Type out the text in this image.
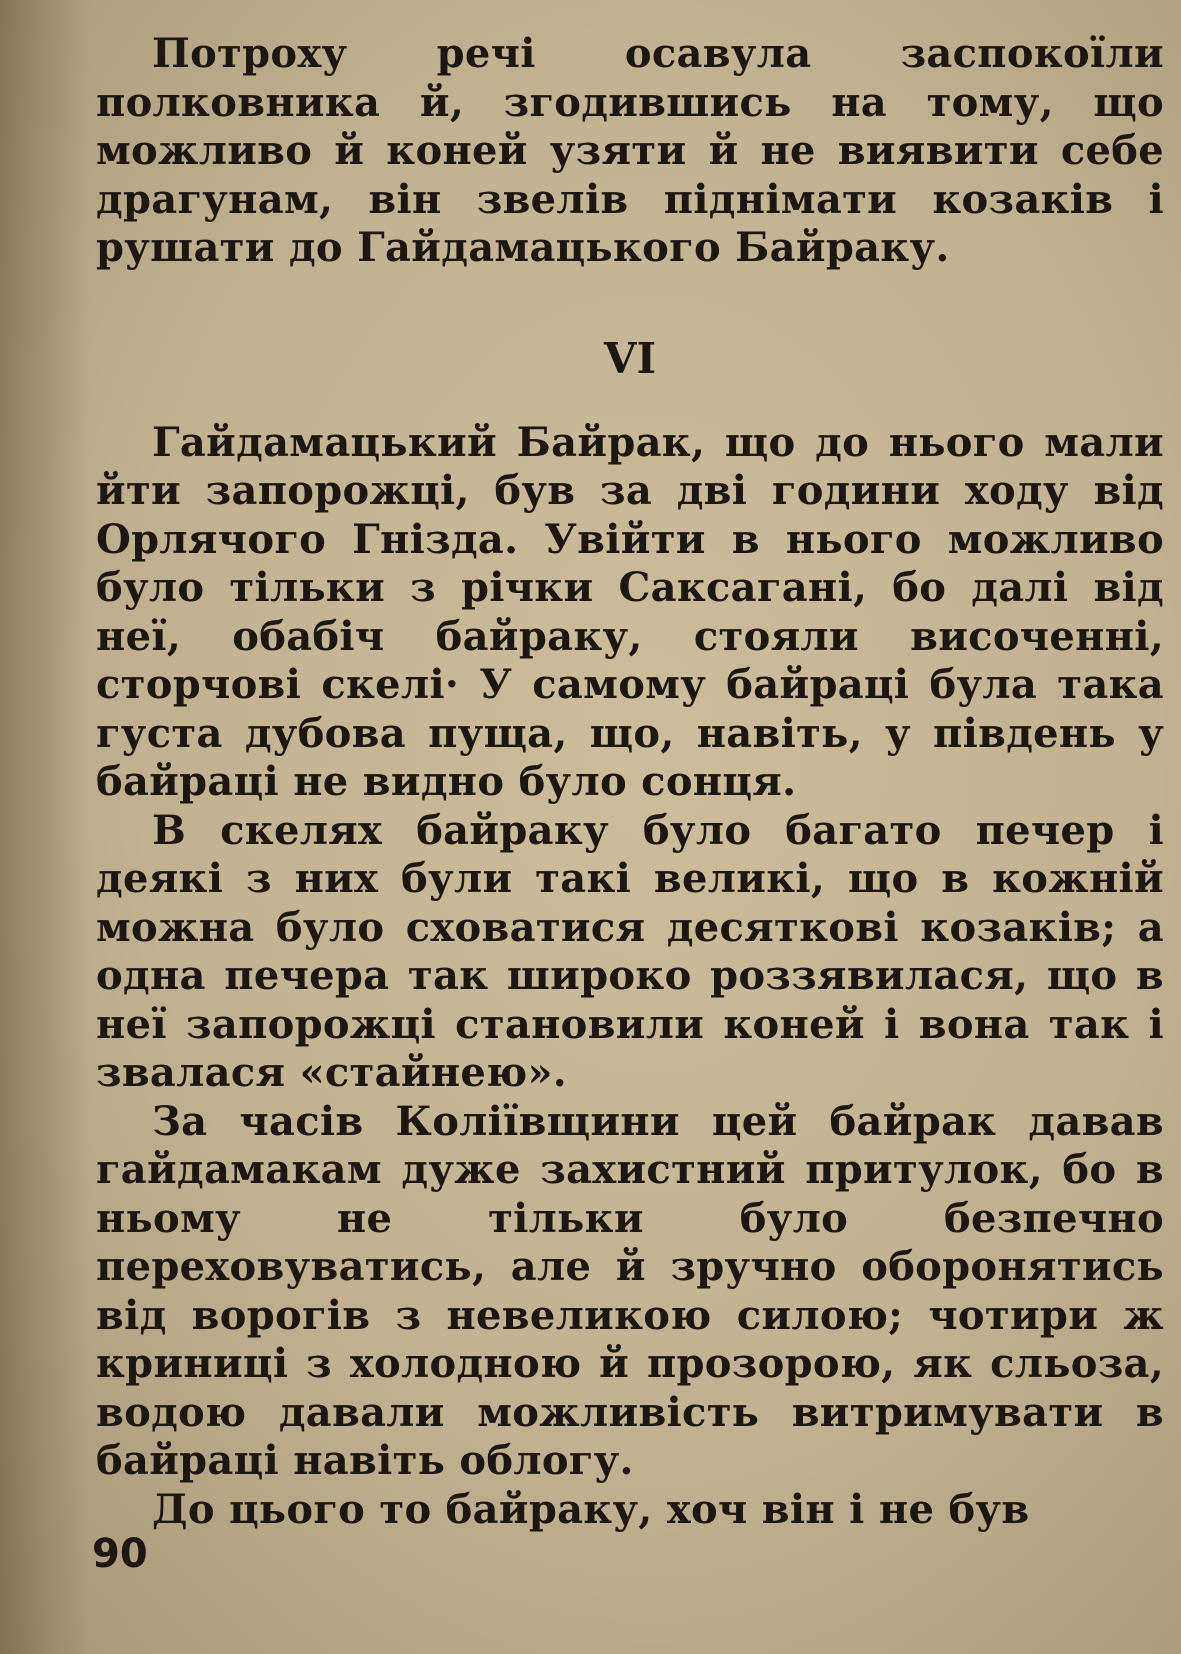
Потроху речі осавула заспокоїли полковника й, згодившись на тому, що можливо й коней узяти й не виявити себе драгунам, він звелів піднімати козаків і рушати до Гайдамацького Байраку.

VI

Гайдамацький Байрак, що до нього мали йти запорожці, був за дві години ходу від Орлячого Гнізда. Увійти в нього можливо було тільки з річки Саксагані, бо далі від неї, обабіч байраку, стояли височенні, сторчові скелі· У самому байраці була така густа дубова пуща, що, навіть, у південь у байраці не видно було сонця.

В скелях байраку було багато печер і деякі з них були такі великі, що в кожній можна було сховатися десяткові козаків; а одна печера так широко роззявилася, що в неї запорожці становили коней і вона так і звалася «стайнею».

За часів Коліївщини цей байрак давав гайдамакам дуже захистний притулок, бо в ньому не тільки було безпечно переховуватись, але й зручно оборонятись від ворогів з невеликою силою; чотири ж криниці з холодною й прозорою, як сльоза, водою давали можливість витримувати в байраці навіть облогу.

До цього то байраку, хоч він і не був

90
